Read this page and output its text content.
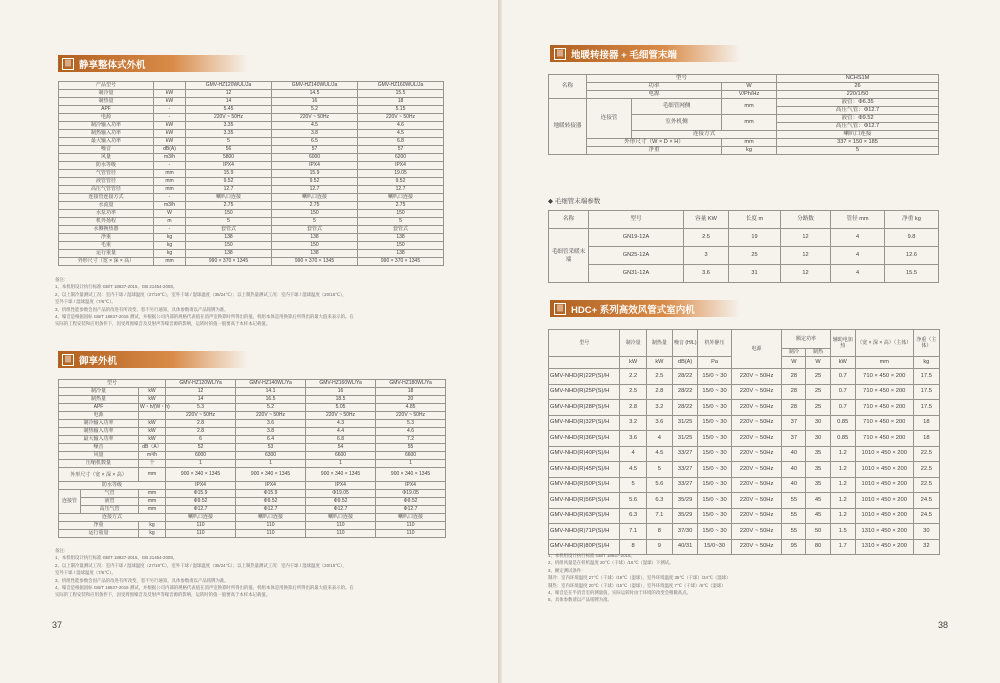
||| 静享整体式外机
产品型号		GMV-HZ120WUL/Ja	GMV-HZ140WUL/Ja	GMV-HZ160WUL/Ja
制冷量	kW	12	14.5	15.5
制热量	kW	14	16	18
APF	-	5.45	5.2	5.15
电源	-	220V ~ 50Hz	220V ~ 50Hz	220V ~ 50Hz
制冷输入功率	kW	3.35	4.5	4.6
制热输入功率	kW	3.35	3.8	4.5
最大输入功率	kW	5	6.5	6.8
噪音	dB(A)	56	57	57
风量	m3/h	5800	6000	6200
防水等级	-	IPX4	IPX4	IPX4
气管管径	mm	15.9	15.9	19.05
液管管径	mm	9.52	9.52	9.52
高压气管管径	mm	12.7	12.7	12.7
连接管连接方式	-	喇叭口连接	喇叭口连接	喇叭口连接
水流量	m3/h	2.75	2.75	2.75
水泵功率	W	150	150	150
机外扬程	m	5	5	5
水侧换热器	-	套管式	套管式	套管式
净重	kg	138	138	138
毛重	kg	150	150	150
运行重量	kg	138	138	138
外形尺寸（宽 × 深 × 高）	mm	990 × 370 × 1345	990 × 370 × 1345	990 × 370 × 1345
备注：
1、本机组设计执行标准 GB/T 18837-2015、GB 21454-2008。
2、以上制冷量测试工况：室内干球 / 湿球温度（27/19℃），室外干球 / 湿球温度（35/24℃）；以上制热量测试工况：室内干球 / 湿球温度（20/15℃），
室外干球 / 湿球温度（7/6℃）。
3、机组性能参数会因产品的改进有所改变，恕不另行通知，具体参数请以产品铭牌为准。
4、噪音是根据国标 GB/T 18837-2015 测试，并根据公司内部的规格代表值在消声室换算时所得出的值，机组本体是用换算后所得出的最大值来表示的。在
实际的工程安装和应用条件下，因受周围噪音及反射声等噪音源的影响，运转时的值一般要高于本样本记载值。
||| 御享外机
型号			GMV-HZ120WL/Ya	GMV-HZ140WL/Ya	GMV-HZ160WL/Ya	GMV-HZ180WL/Ya
制冷量		kW	12	14.1	16	18
制热量		kW	14	16.5	18.5	20
APF		W・h/(W・h)	5.3	5.2	5.05	4.85
电源			220V ~ 50Hz	220V ~ 50Hz	220V ~ 50Hz	220V ~ 50Hz
制冷输入功率		kW	2.8	3.6	4.3	5.3
制热输入功率		kW	2.8	3.8	4.4	4.6
最大输入功率		kW	6	6.4	6.8	7.2
噪音		dB（A）	52	53	54	55
风量		m³/h	6000	6300	6600	6600
压缩机数量		个	1	1	1	1
外形尺寸（宽 × 深 × 高）		mm	900 × 340 × 1345	900 × 340 × 1345	900 × 340 × 1345	900 × 340 × 1345
防水等级			IPX4	IPX4	IPX4	IPX4
连接管	气管	mm	Φ15.9	Φ15.9	Φ19.05	Φ19.05
	液管	mm	Φ9.52	Φ9.52	Φ9.52	Φ9.52
	高压气管	mm	Φ12.7	Φ12.7	Φ12.7	Φ12.7
连接方式			喇叭口连接	喇叭口连接	喇叭口连接	喇叭口连接
净重		kg	110	110	110	110
运行重量		kg	110	110	110	110
备注：
1、本机组设计执行标准 GB/T 18837-2015、GB 21454-2008。
2、以上制冷量测试工况：室内干球 / 湿球温度（27/19℃），室外干球 / 湿球温度（35/24℃）；以上制热量测试工况：室内干球 / 湿球温度（20/15℃），
室外干球 / 湿球温度（7/6℃）。
3、机组性能参数会因产品的改进有所改变，恕不另行通知，具体参数请以产品铭牌为准。
4、噪音是根据国标 GB/T 18837-2015 测试，并根据公司内部的规格代表值在消声室换算时所得出的值，机组本体是用换算后所得出的最大值来表示的。在
实际的工程安装和应用条件下，因受周围噪音及反射声等噪音源的影响，运转时的值一般要高于本样本记载值。
||| 地暖转接器 + 毛细管末端
名称	型号			NCHS1M
	功率		W	26
	电源		V/Ph/Hz	220/1/50
地暖转接器	连接管	毛细管网侧	mm	液管：Φ6.35
				高压气管：Φ12.7
		室外机侧	mm	液管：Φ9.52
				高压气管：Φ12.7
		连接方式		喇叭口连接
	外形尺寸（W × D × H）		mm	337 × 150 × 185
	净重		kg	5
◆ 毛细管末端参数
名称	型号	容量 KW	长度 m	分路数	管径 mm	净重 kg
毛细管采暖末端	GN19-12A	2.5	19	12	4	9.8
	GN25-12A	3	25	12	4	12.6
	GN31-12A	3.6	31	12	4	15.5
||| HDC+ 系列高效风管式室内机
型号	制冷量	制热量	噪音 (H/L)	机外静压	电源	额定功率		辅助电加热	（宽 × 深 × 高）（主体）	净重（主体）
						制冷	制热			
	kW	kW	dB(A)	Pa		W	W	kW	mm	kg
GMV-NHD(R)22P(S)/H	2.2	2.5	28/22	15/0 ~ 30	220V ~ 50Hz	28	25	0.7	710 × 450 × 200	17.5
GMV-NHD(R)25P(S)/H	2.5	2.8	28/22	15/0 ~ 30	220V ~ 50Hz	28	25	0.7	710 × 450 × 200	17.5
GMV-NHD(R)28P(S)/H	2.8	3.2	28/22	15/0 ~ 30	220V ~ 50Hz	28	25	0.7	710 × 450 × 200	17.5
GMV-NHD(R)32P(S)/H	3.2	3.6	31/25	15/0 ~ 30	220V ~ 50Hz	37	30	0.85	710 × 450 × 200	18
GMV-NHD(R)36P(S)/H	3.6	4	31/25	15/0 ~ 30	220V ~ 50Hz	37	30	0.85	710 × 450 × 200	18
GMV-NHD(R)40P(S)/H	4	4.5	33/27	15/0 ~ 30	220V ~ 50Hz	40	35	1.2	1010 × 450 × 200	22.5
GMV-NHD(R)45P(S)/H	4.5	5	33/27	15/0 ~ 30	220V ~ 50Hz	40	35	1.2	1010 × 450 × 200	22.5
GMV-NHD(R)50P(S)/H	5	5.6	33/27	15/0 ~ 30	220V ~ 50Hz	40	35	1.2	1010 × 450 × 200	22.5
GMV-NHD(R)56P(S)/H	5.6	6.3	35/29	15/0 ~ 30	220V ~ 50Hz	55	45	1.2	1010 × 450 × 200	24.5
GMV-NHD(R)63P(S)/H	6.3	7.1	35/29	15/0 ~ 30	220V ~ 50Hz	55	45	1.2	1010 × 450 × 200	24.5
GMV-NHD(R)71P(S)/H	7.1	8	37/30	15/0 ~ 30	220V ~ 50Hz	55	50	1.5	1310 × 450 × 200	30
GMV-NHD(R)80P(S)/H	8	9	40/31	15/0~30	220V ~ 50Hz	95	80	1.7	1310 × 450 × 200	32
1、本机组设计执行标准 GB/T 18837-2015。
2、机组风量是在样机温度 20℃（干球）/16℃（湿球）下测试。
3、额定测试条件：
制冷：室内环境温度 27℃（干球）/19℃（湿球），室外环境温度 35℃（干球）/24℃（湿球）
制热：室内环境温度 20℃（干球）/15℃（湿球），室外环境温度 7℃（干球）/6℃（湿球）
4、噪音是在半消音室的测量值，实际运转时由于环境的改变会稍微高点。
5、具体参数请以产品铭牌为准。
37	38
